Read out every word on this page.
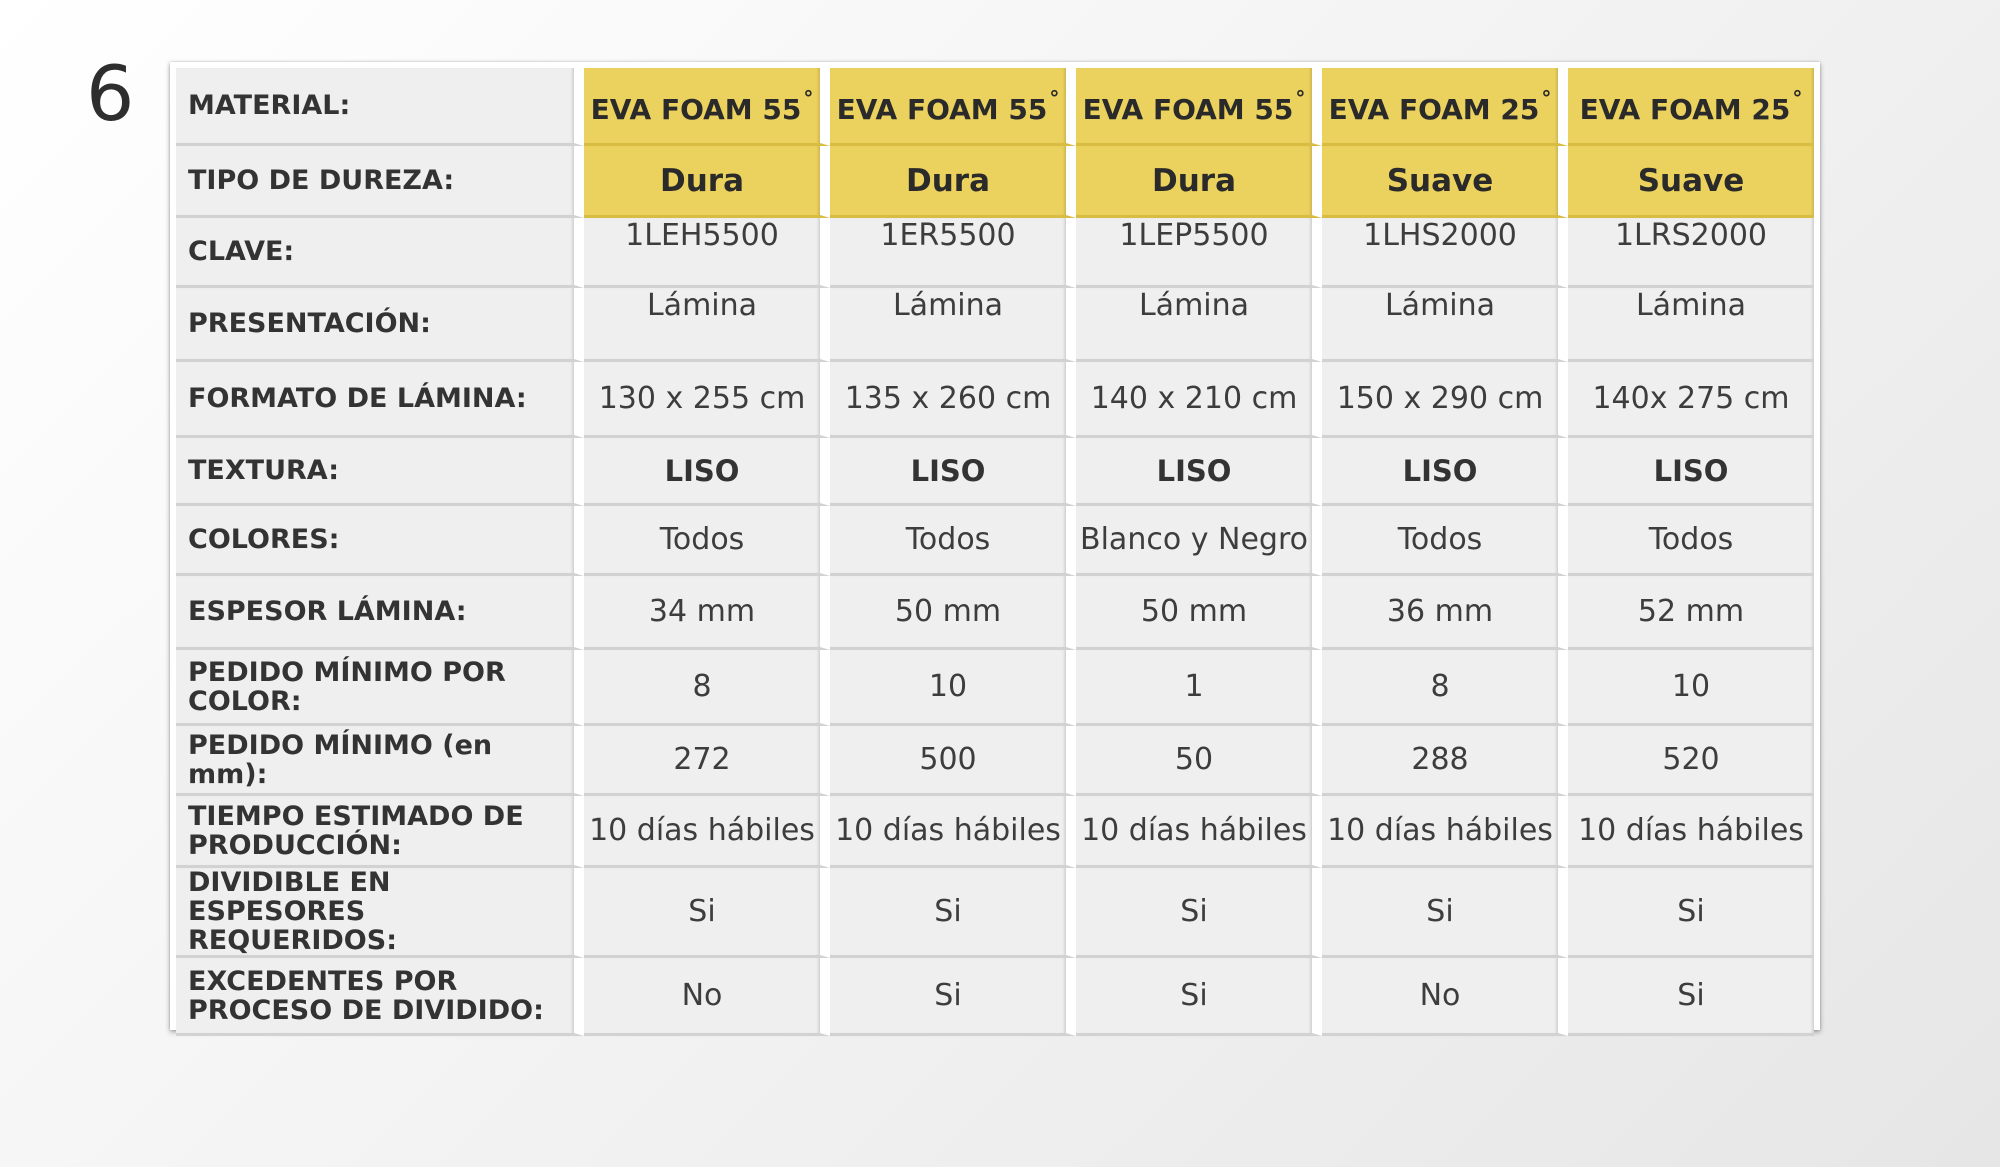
6 MATERIAL:	EVA FOAM 55 °	EVA FOAM 55 °	EVA FOAM 55 °	EVA FOAM 25 °	EVA FOAM 25 °
TIPO DE DUREZA:	Dura	Dura	Dura	Suave	Suave
CLAVE:	1LEH5500	1ER5500	1LEP5500	1LHS2000	1LRS2000
PRESENTACIÓN:	Lámina	Lámina	Lámina	Lámina	Lámina
FORMATO DE LÁMINA:	130 x 255 cm	135 x 260 cm	140 x 210 cm	150 x 290 cm	140x 275 cm
TEXTURA:	LISO	LISO	LISO	LISO	LISO
COLORES:	Todos	Todos	Blanco y Negro	Todos	Todos
ESPESOR LÁMINA:	34 mm	50 mm	50 mm	36 mm	52 mm
PEDIDO MÍNIMO POR COLOR:	8	10	1	8	10
PEDIDO MÍNIMO (en mm):	272	500	50	288	520
TIEMPO ESTIMADO DE PRODUCCIÓN:	10 días hábiles	10 días hábiles	10 días hábiles	10 días hábiles	10 días hábiles
DIVIDIBLE EN ESPESORES REQUERIDOS:	Si	Si	Si	Si	Si
EXCEDENTES POR PROCESO DE DIVIDIDO:	No	Si	Si	No	Si
